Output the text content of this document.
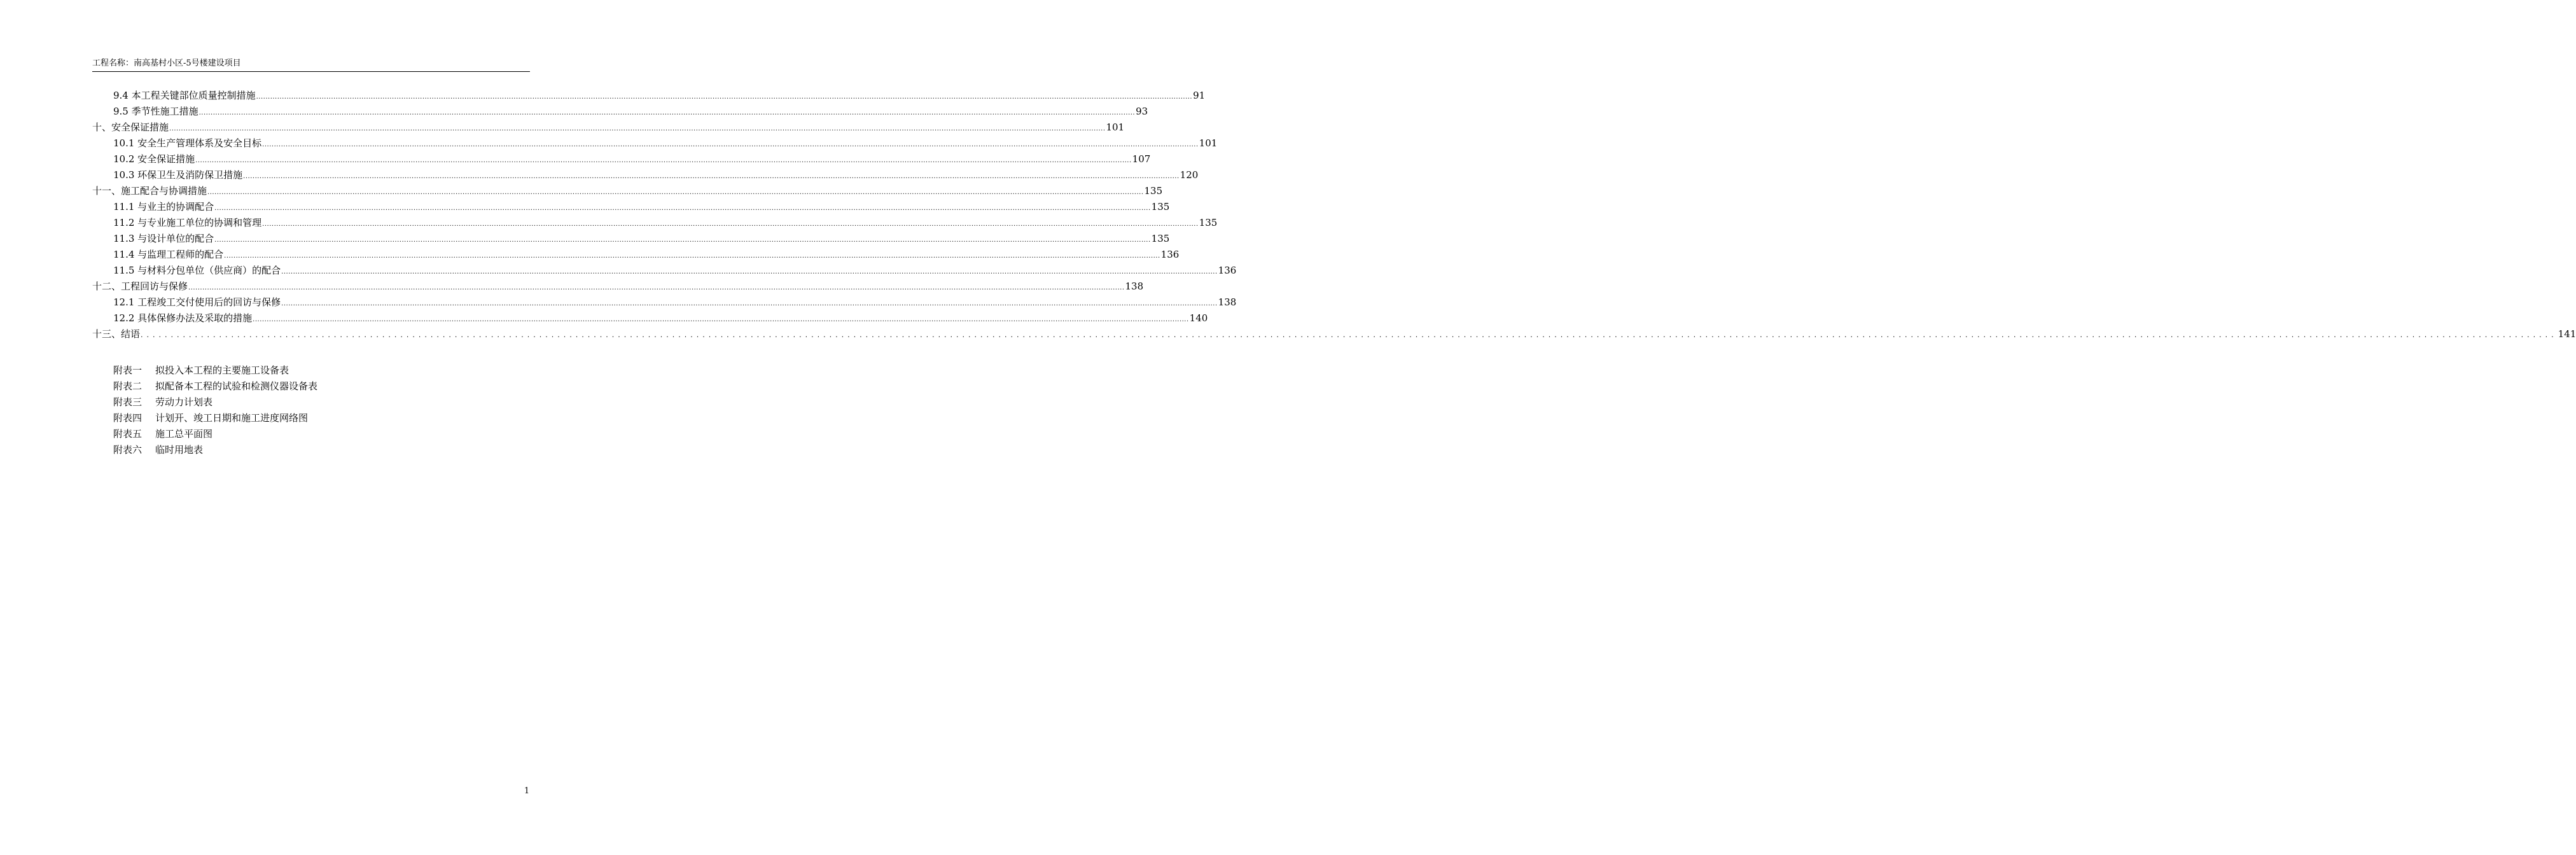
工程名称：南高基村小区-5号楼建设项目
9.4 本工程关键部位质量控制措施 ................................................................................................................................................................................................................................................................................................................................................................................................................ 91
9.5 季节性施工措施 ................................................................................................................................................................................................................................................................................................................................................................................................................ 93
十、安全保证措施 ................................................................................................................................................................................................................................................................................................................................................................................................................ 101
10.1 安全生产管理体系及安全目标 ................................................................................................................................................................................................................................................................................................................................................................................................................ 101
10.2 安全保证措施 ................................................................................................................................................................................................................................................................................................................................................................................................................ 107
10.3 环保卫生及消防保卫措施 ................................................................................................................................................................................................................................................................................................................................................................................................................ 120
十一、施工配合与协调措施 ................................................................................................................................................................................................................................................................................................................................................................................................................ 135
11.1 与业主的协调配合 ................................................................................................................................................................................................................................................................................................................................................................................................................ 135
11.2 与专业施工单位的协调和管理 ................................................................................................................................................................................................................................................................................................................................................................................................................ 135
11.3 与设计单位的配合 ................................................................................................................................................................................................................................................................................................................................................................................................................ 135
11.4 与监理工程师的配合 ................................................................................................................................................................................................................................................................................................................................................................................................................ 136
11.5 与材料分包单位（供应商）的配合 ................................................................................................................................................................................................................................................................................................................................................................................................................ 136
十二、工程回访与保修 ................................................................................................................................................................................................................................................................................................................................................................................................................ 138
12.1 工程竣工交付使用后的回访与保修 ................................................................................................................................................................................................................................................................................................................................................................................................................ 138
12.2 具体保修办法及采取的措施 ................................................................................................................................................................................................................................................................................................................................................................................................................ 140
十三、结语 ................................................................................................................................................................................................................................................................................................................................................................................................................ 141
附表一 拟投入本工程的主要施工设备表
附表二 拟配备本工程的试验和检测仪器设备表
附表三 劳动力计划表
附表四 计划开、竣工日期和施工进度网络图
附表五 施工总平面图
附表六 临时用地表
1
